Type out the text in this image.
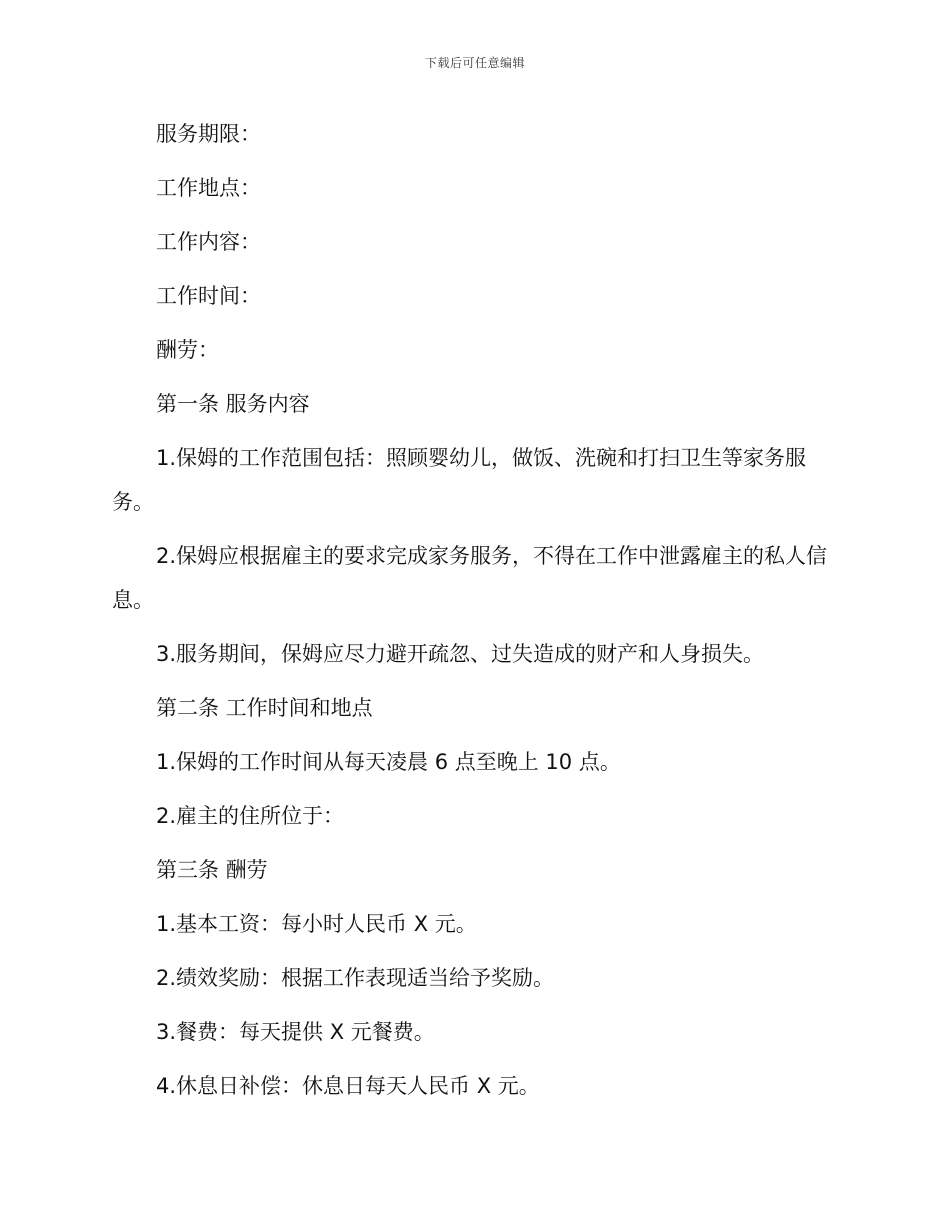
下载后可任意编辑

服务期限：

工作地点：

工作内容：

工作时间：

酬劳：

第一条 服务内容

1.保姆的工作范围包括：照顾婴幼儿，做饭、洗碗和打扫卫生等家务服务。

2.保姆应根据雇主的要求完成家务服务，不得在工作中泄露雇主的私人信息。

3.服务期间，保姆应尽力避开疏忽、过失造成的财产和人身损失。

第二条 工作时间和地点

1.保姆的工作时间从每天凌晨 6 点至晚上 10 点。

2.雇主的住所位于：

第三条 酬劳

1.基本工资：每小时人民币 X 元。

2.绩效奖励：根据工作表现适当给予奖励。

3.餐费：每天提供 X 元餐费。

4.休息日补偿：休息日每天人民币 X 元。
